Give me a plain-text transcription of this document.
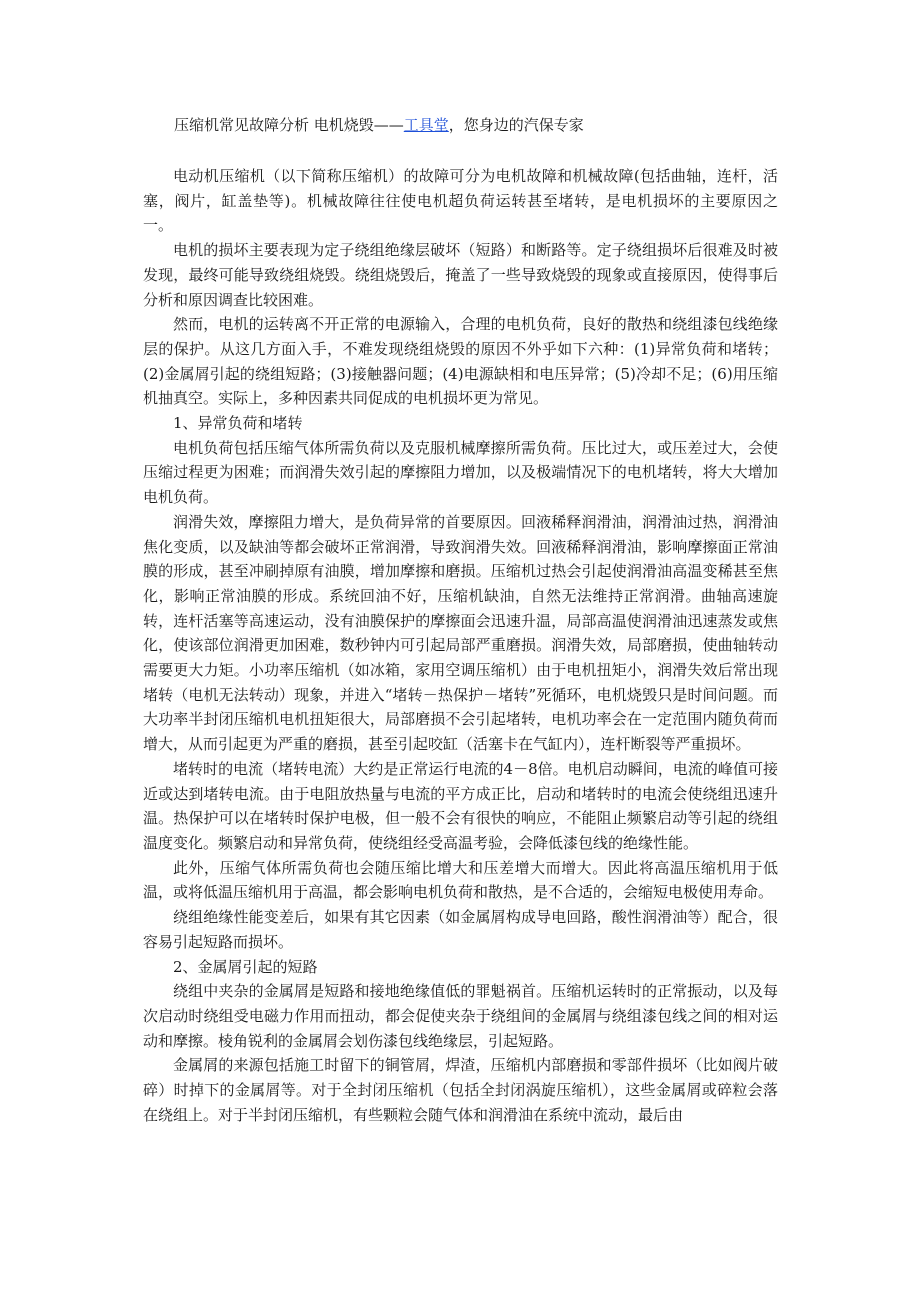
压缩机常见故障分析 电机烧毁——工具堂，您身边的汽保专家

电动机压缩机（以下简称压缩机）的故障可分为电机故障和机械故障(包括曲轴，连杆，活塞，阀片，缸盖垫等)。机械故障往往使电机超负荷运转甚至堵转，是电机损坏的主要原因之一。

电机的损坏主要表现为定子绕组绝缘层破坏（短路）和断路等。定子绕组损坏后很难及时被发现，最终可能导致绕组烧毁。绕组烧毁后，掩盖了一些导致烧毁的现象或直接原因，使得事后分析和原因调查比较困难。

然而，电机的运转离不开正常的电源输入，合理的电机负荷，良好的散热和绕组漆包线绝缘层的保护。从这几方面入手，不难发现绕组烧毁的原因不外乎如下六种：(1)异常负荷和堵转；(2)金属屑引起的绕组短路；(3)接触器问题；(4)电源缺相和电压异常；(5)冷却不足；(6)用压缩机抽真空。实际上，多种因素共同促成的电机损坏更为常见。

1、异常负荷和堵转

电机负荷包括压缩气体所需负荷以及克服机械摩擦所需负荷。压比过大，或压差过大，会使压缩过程更为困难；而润滑失效引起的摩擦阻力增加，以及极端情况下的电机堵转，将大大增加电机负荷。

润滑失效，摩擦阻力增大，是负荷异常的首要原因。回液稀释润滑油，润滑油过热，润滑油焦化变质，以及缺油等都会破坏正常润滑，导致润滑失效。回液稀释润滑油，影响摩擦面正常油膜的形成，甚至冲刷掉原有油膜，增加摩擦和磨损。压缩机过热会引起使润滑油高温变稀甚至焦化，影响正常油膜的形成。系统回油不好，压缩机缺油，自然无法维持正常润滑。曲轴高速旋转，连杆活塞等高速运动，没有油膜保护的摩擦面会迅速升温，局部高温使润滑油迅速蒸发或焦化，使该部位润滑更加困难，数秒钟内可引起局部严重磨损。润滑失效，局部磨损，使曲轴转动需要更大力矩。小功率压缩机（如冰箱，家用空调压缩机）由于电机扭矩小，润滑失效后常出现堵转（电机无法转动）现象，并进入“堵转－热保护－堵转”死循环，电机烧毁只是时间问题。而大功率半封闭压缩机电机扭矩很大，局部磨损不会引起堵转，电机功率会在一定范围内随负荷而增大，从而引起更为严重的磨损，甚至引起咬缸（活塞卡在气缸内），连杆断裂等严重损坏。

堵转时的电流（堵转电流）大约是正常运行电流的4－8倍。电机启动瞬间，电流的峰值可接近或达到堵转电流。由于电阻放热量与电流的平方成正比，启动和堵转时的电流会使绕组迅速升温。热保护可以在堵转时保护电极，但一般不会有很快的响应，不能阻止频繁启动等引起的绕组温度变化。频繁启动和异常负荷，使绕组经受高温考验，会降低漆包线的绝缘性能。

此外，压缩气体所需负荷也会随压缩比增大和压差增大而增大。因此将高温压缩机用于低温，或将低温压缩机用于高温，都会影响电机负荷和散热，是不合适的，会缩短电极使用寿命。

绕组绝缘性能变差后，如果有其它因素（如金属屑构成导电回路，酸性润滑油等）配合，很容易引起短路而损坏。

2、金属屑引起的短路

绕组中夹杂的金属屑是短路和接地绝缘值低的罪魁祸首。压缩机运转时的正常振动，以及每次启动时绕组受电磁力作用而扭动，都会促使夹杂于绕组间的金属屑与绕组漆包线之间的相对运动和摩擦。棱角锐利的金属屑会划伤漆包线绝缘层，引起短路。

金属屑的来源包括施工时留下的铜管屑，焊渣，压缩机内部磨损和零部件损坏（比如阀片破碎）时掉下的金属屑等。对于全封闭压缩机（包括全封闭涡旋压缩机），这些金属屑或碎粒会落在绕组上。对于半封闭压缩机，有些颗粒会随气体和润滑油在系统中流动，最后由
